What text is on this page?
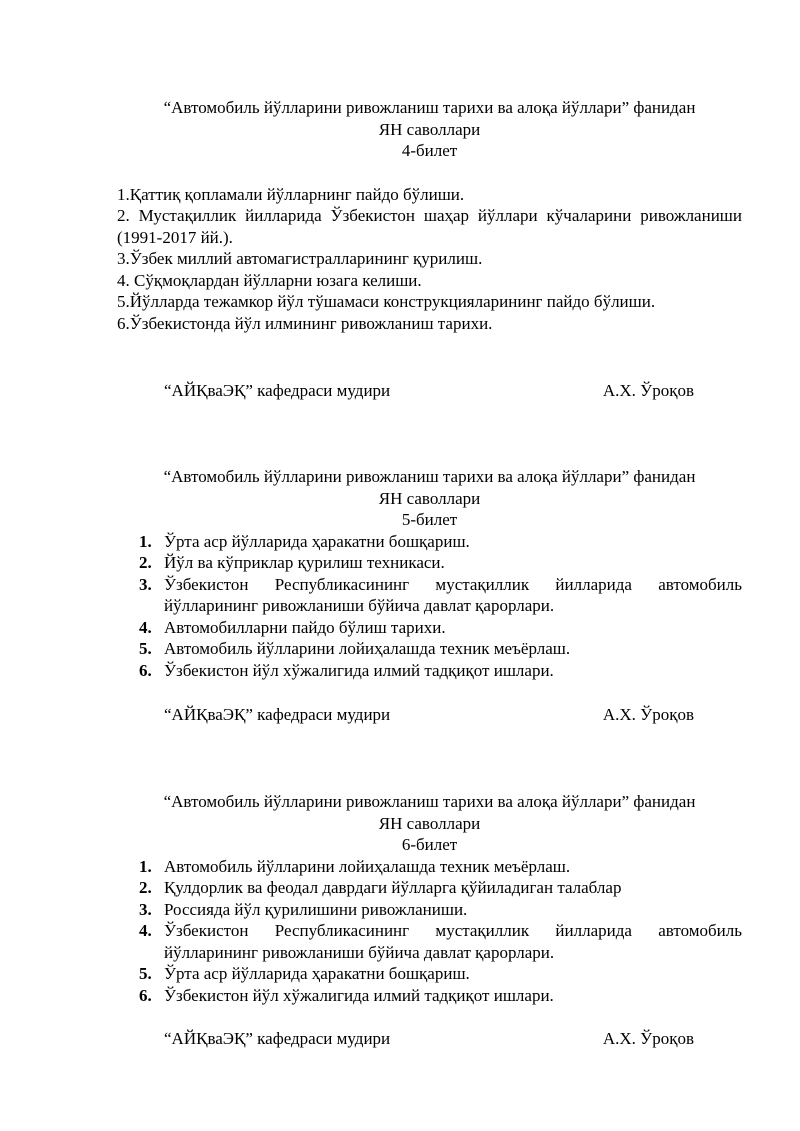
“Автомобиль йўлларини ривожланиш тарихи ва алоқа йўллари” фанидан
ЯН саволлари
4-билет
1.Қаттиқ қопламали йўлларнинг пайдо бўлиши.
2. Мустақиллик йилларида Ўзбекистон шаҳар йўллари кўчаларини ривожланиши (1991-2017 йй.).
3.Ўзбек миллий автомагистралларининг қурилиш.
4. Сўқмоқлардан йўлларни юзага келиши.
5.Йўлларда тежамкор йўл тўшамаси конструкцияларининг пайдо бўлиши.
6.Ўзбекистонда йўл илмининг ривожланиш тарихи.
“АЙҚваЭҚ” кафедраси мудири	А.Х. Ўроқов
“Автомобиль йўлларини ривожланиш тарихи ва алоқа йўллари” фанидан
ЯН саволлари
5-билет
1. Ўрта аср йўлларида ҳаракатни бошқариш.
2. Йўл ва кўприклар қурилиш техникаси.
3. Ўзбекистон Республикасининг мустақиллик йилларида автомобиль йўлларининг ривожланиши бўйича давлат қарорлари.
4. Автомобилларни пайдо бўлиш тарихи.
5. Автомобиль йўлларини лойиҳалашда техник меъёрлаш.
6. Ўзбекистон йўл хўжалигида илмий тадқиқот ишлари.
“АЙҚваЭҚ” кафедраси мудири	А.Х. Ўроқов
“Автомобиль йўлларини ривожланиш тарихи ва алоқа йўллари” фанидан
ЯН саволлари
6-билет
1. Автомобиль йўлларини лойиҳалашда техник меъёрлаш.
2. Қулдорлик ва феодал даврдаги йўлларга қўйиладиган талаблар
3. Россияда йўл қурилишини ривожланиши.
4. Ўзбекистон Республикасининг мустақиллик йилларида автомобиль йўлларининг ривожланиши бўйича давлат қарорлари.
5. Ўрта аср йўлларида ҳаракатни бошқариш.
6. Ўзбекистон йўл хўжалигида илмий тадқиқот ишлари.
“АЙҚваЭҚ” кафедраси мудири	А.Х. Ўроқов
